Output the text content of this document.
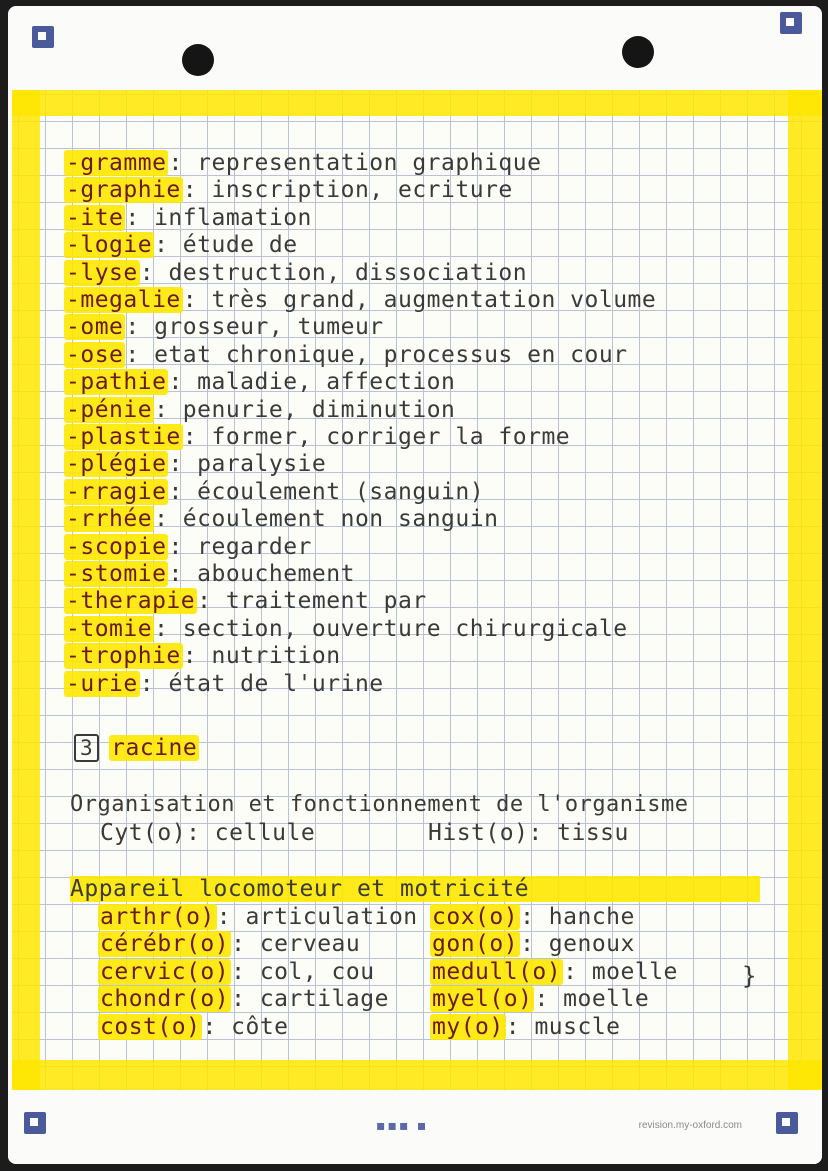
-gramme: representation graphique
-graphie: inscription, ecriture
-ite: inflamation
-logie: étude de
-lyse: destruction, dissociation
-megalie: très grand, augmentation volume
-ome: grosseur, tumeur
-ose: etat chronique, processus en cour
-pathie: maladie, affection
-pénie: penurie, diminution
-plastie: former, corriger la forme
-plégie: paralysie
-rragie: écoulement (sanguin)
-rrhée: écoulement non sanguin
-scopie: regarder
-stomie: abouchement
-therapie: traitement par
-tomie: section, ouverture chirurgicale
-trophie: nutrition
-urie: état de l'urine
3 racine
Organisation et fonctionnement de l'organisme
Cyt(o): cellule	Hist(o): tissu
Appareil locomoteur et motricité
arthr(o): articulation
cérébr(o): cerveau
cervic(o): col, cou
chondr(o): cartilage
cost(o): côte
cox(o): hanche
gon(o): genoux
medull(o): moelle
myel(o): moelle
my(o): muscle
}
▪▪▪ ▪	revision.my-oxford.com
